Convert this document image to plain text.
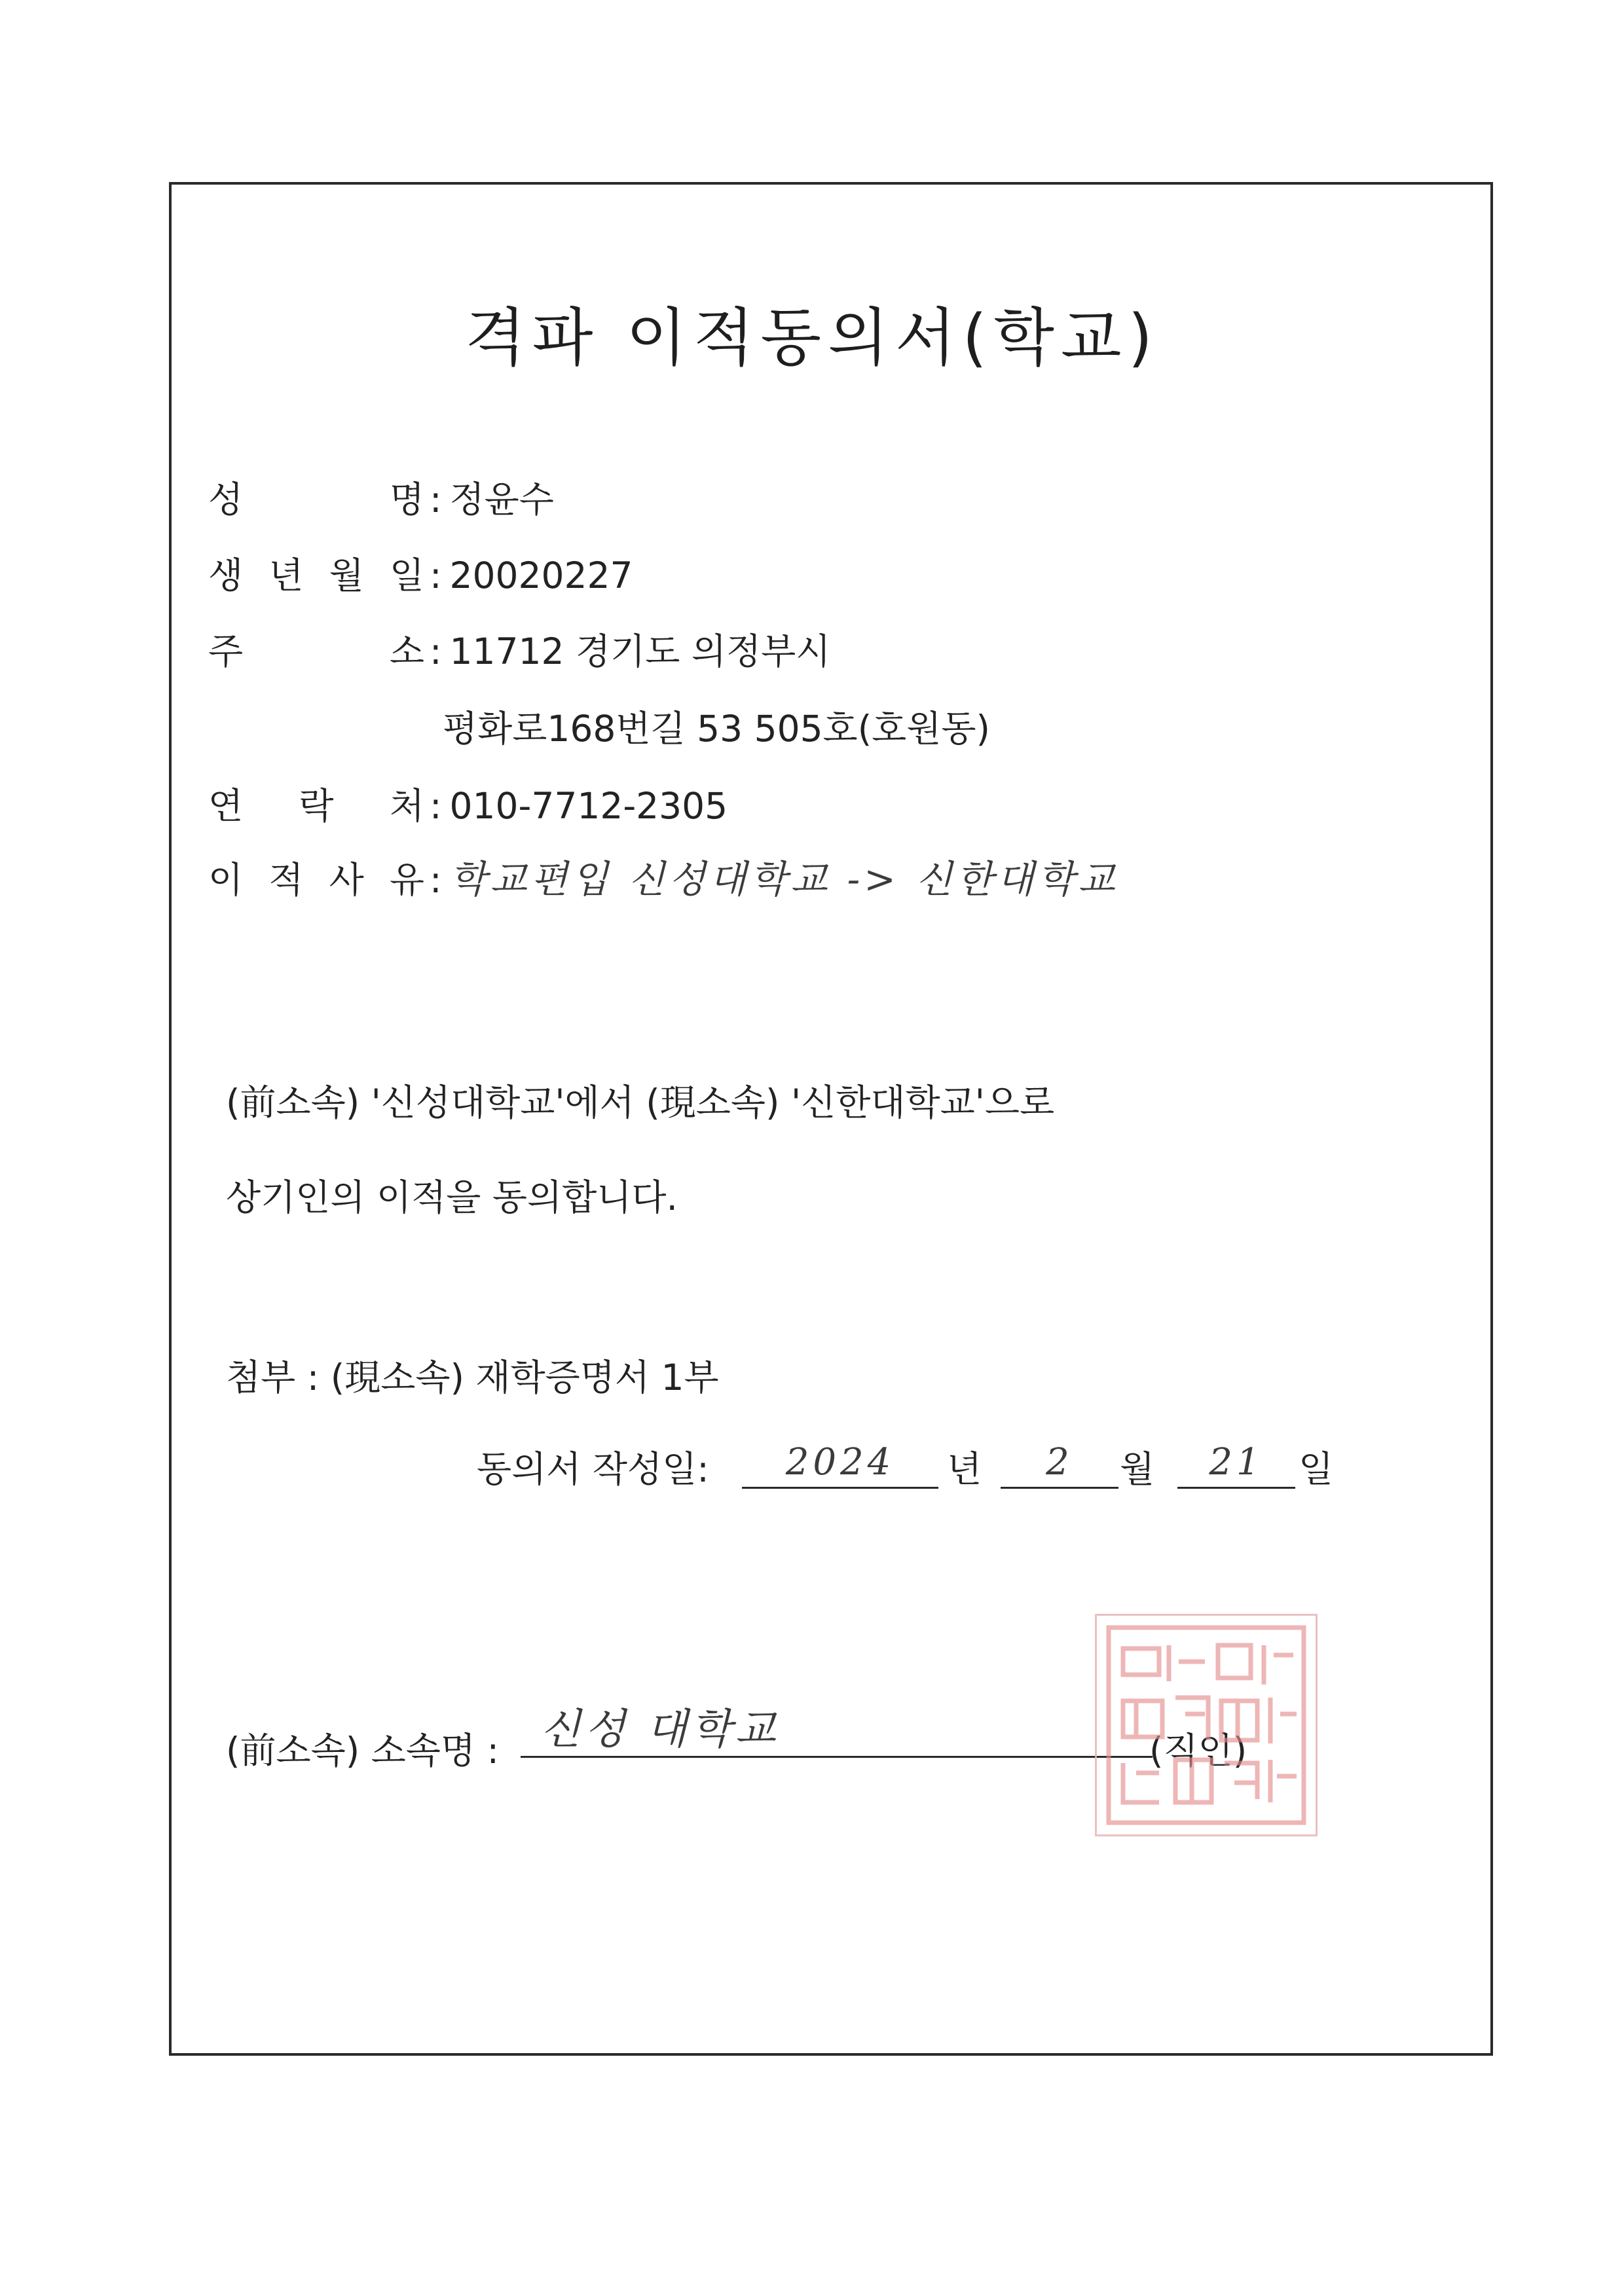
격파 이적동의서(학교)
성 명 : 정윤수
생 년 월 일 : 20020227
주 소 : 11712 경기도 의정부시
평화로168번길 53 505호(호원동)
연 락 처 : 010-7712-2305
이 적 사 유 : 학교편입 신성대학교 -> 신한대학교
(前소속) '신성대학교'에서 (現소속) '신한대학교'으로
상기인의 이적을 동의합니다.
첨부 : (現소속) 재학증명서 1부
동의서 작성일:	2024	년	2	월	21 일
(前소속) 소속명 : 신성 대학교	(직인)
